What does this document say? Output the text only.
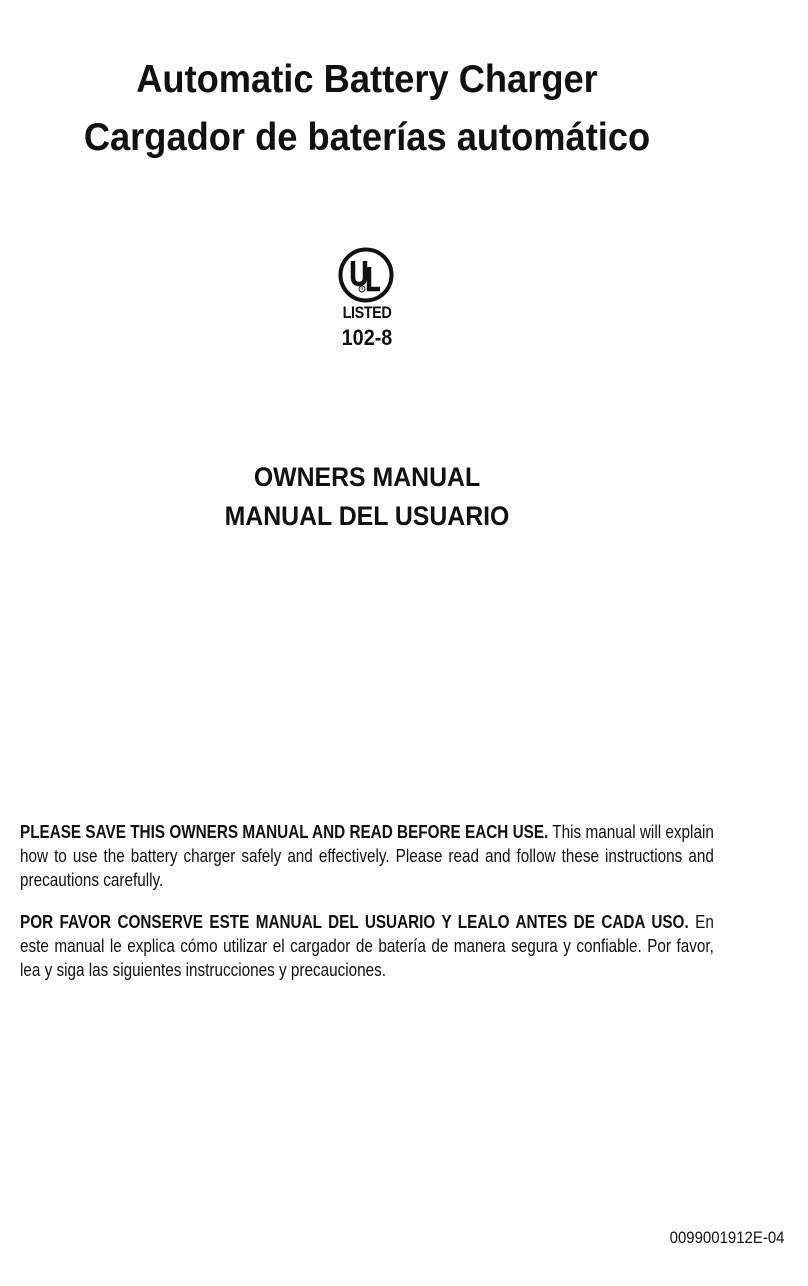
Automatic Battery Charger
Cargador de baterías automático
R
LISTED
102-8
OWNERS MANUAL
MANUAL DEL USUARIO

PLEASE SAVE THIS OWNERS MANUAL AND READ BEFORE EACH USE. This manual will explain how to use the battery charger safely and effectively. Please read and follow these instructions and precautions carefully.

POR FAVOR CONSERVE ESTE MANUAL DEL USUARIO Y LEALO ANTES DE CADA USO. En este manual le explica cómo utilizar el cargador de batería de manera segura y confiable. Por favor, lea y siga las siguientes instrucciones y precauciones.

0099001912E-04
